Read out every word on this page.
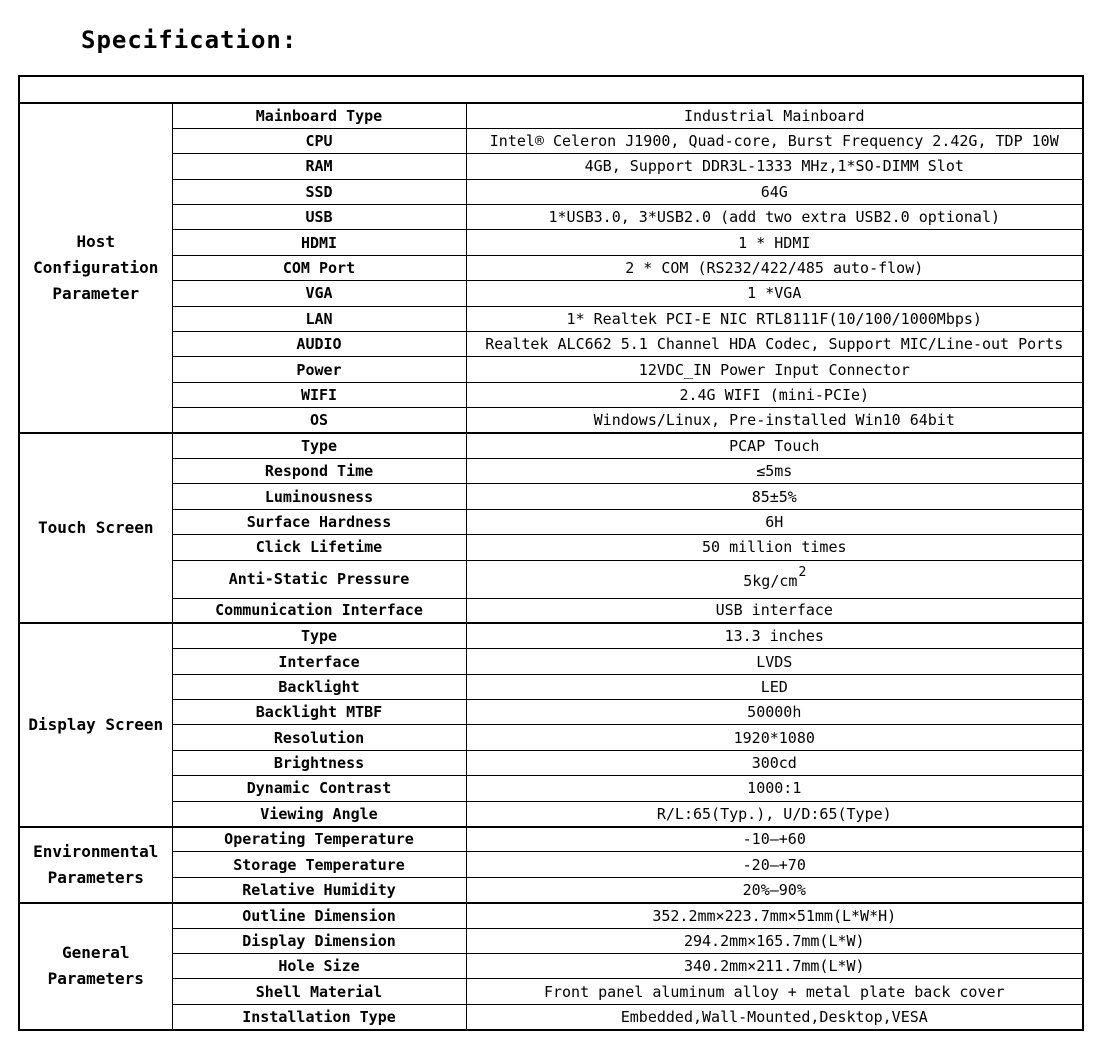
Specification:

Host Configuration Parameter	Mainboard Type	Industrial Mainboard
	CPU	Intel® Celeron J1900, Quad-core, Burst Frequency 2.42G, TDP 10W
	RAM	4GB, Support DDR3L-1333 MHz,1*SO-DIMM Slot
	SSD	64G
	USB	1*USB3.0, 3*USB2.0 (add two extra USB2.0 optional)
	HDMI	1 * HDMI
	COM Port	2 * COM (RS232/422/485 auto-flow)
	VGA	1 *VGA
	LAN	1* Realtek PCI-E NIC RTL8111F(10/100/1000Mbps)
	AUDIO	Realtek ALC662 5.1 Channel HDA Codec, Support MIC/Line-out Ports
	Power	12VDC_IN Power Input Connector
	WIFI	2.4G WIFI (mini-PCIe)
	OS	Windows/Linux, Pre-installed Win10 64bit
Touch Screen	Type	PCAP Touch
	Respond Time	≤5ms
	Luminousness	85±5%
	Surface Hardness	6H
	Click Lifetime	50 million times
	Anti-Static Pressure	$5kg/cm^2$
	Communication Interface	USB interface
Display Screen	Type	13.3 inches
	Interface	LVDS
	Backlight	LED
	Backlight MTBF	50000h
	Resolution	1920*1080
	Brightness	300cd
	Dynamic Contrast	1000:1
	Viewing Angle	R/L:65(Typ.), U/D:65(Type)
Environmental Parameters	Operating Temperature	-10—+60
	Storage Temperature	-20—+70
	Relative Humidity	20%—90%
General Parameters	Outline Dimension	352.2mm×223.7mm×51mm(L*W*H)
	Display Dimension	294.2mm×165.7mm(L*W)
	Hole Size	340.2mm×211.7mm(L*W)
	Shell Material	Front panel aluminum alloy + metal plate back cover
	Installation Type	Embedded,Wall-Mounted,Desktop,VESA
